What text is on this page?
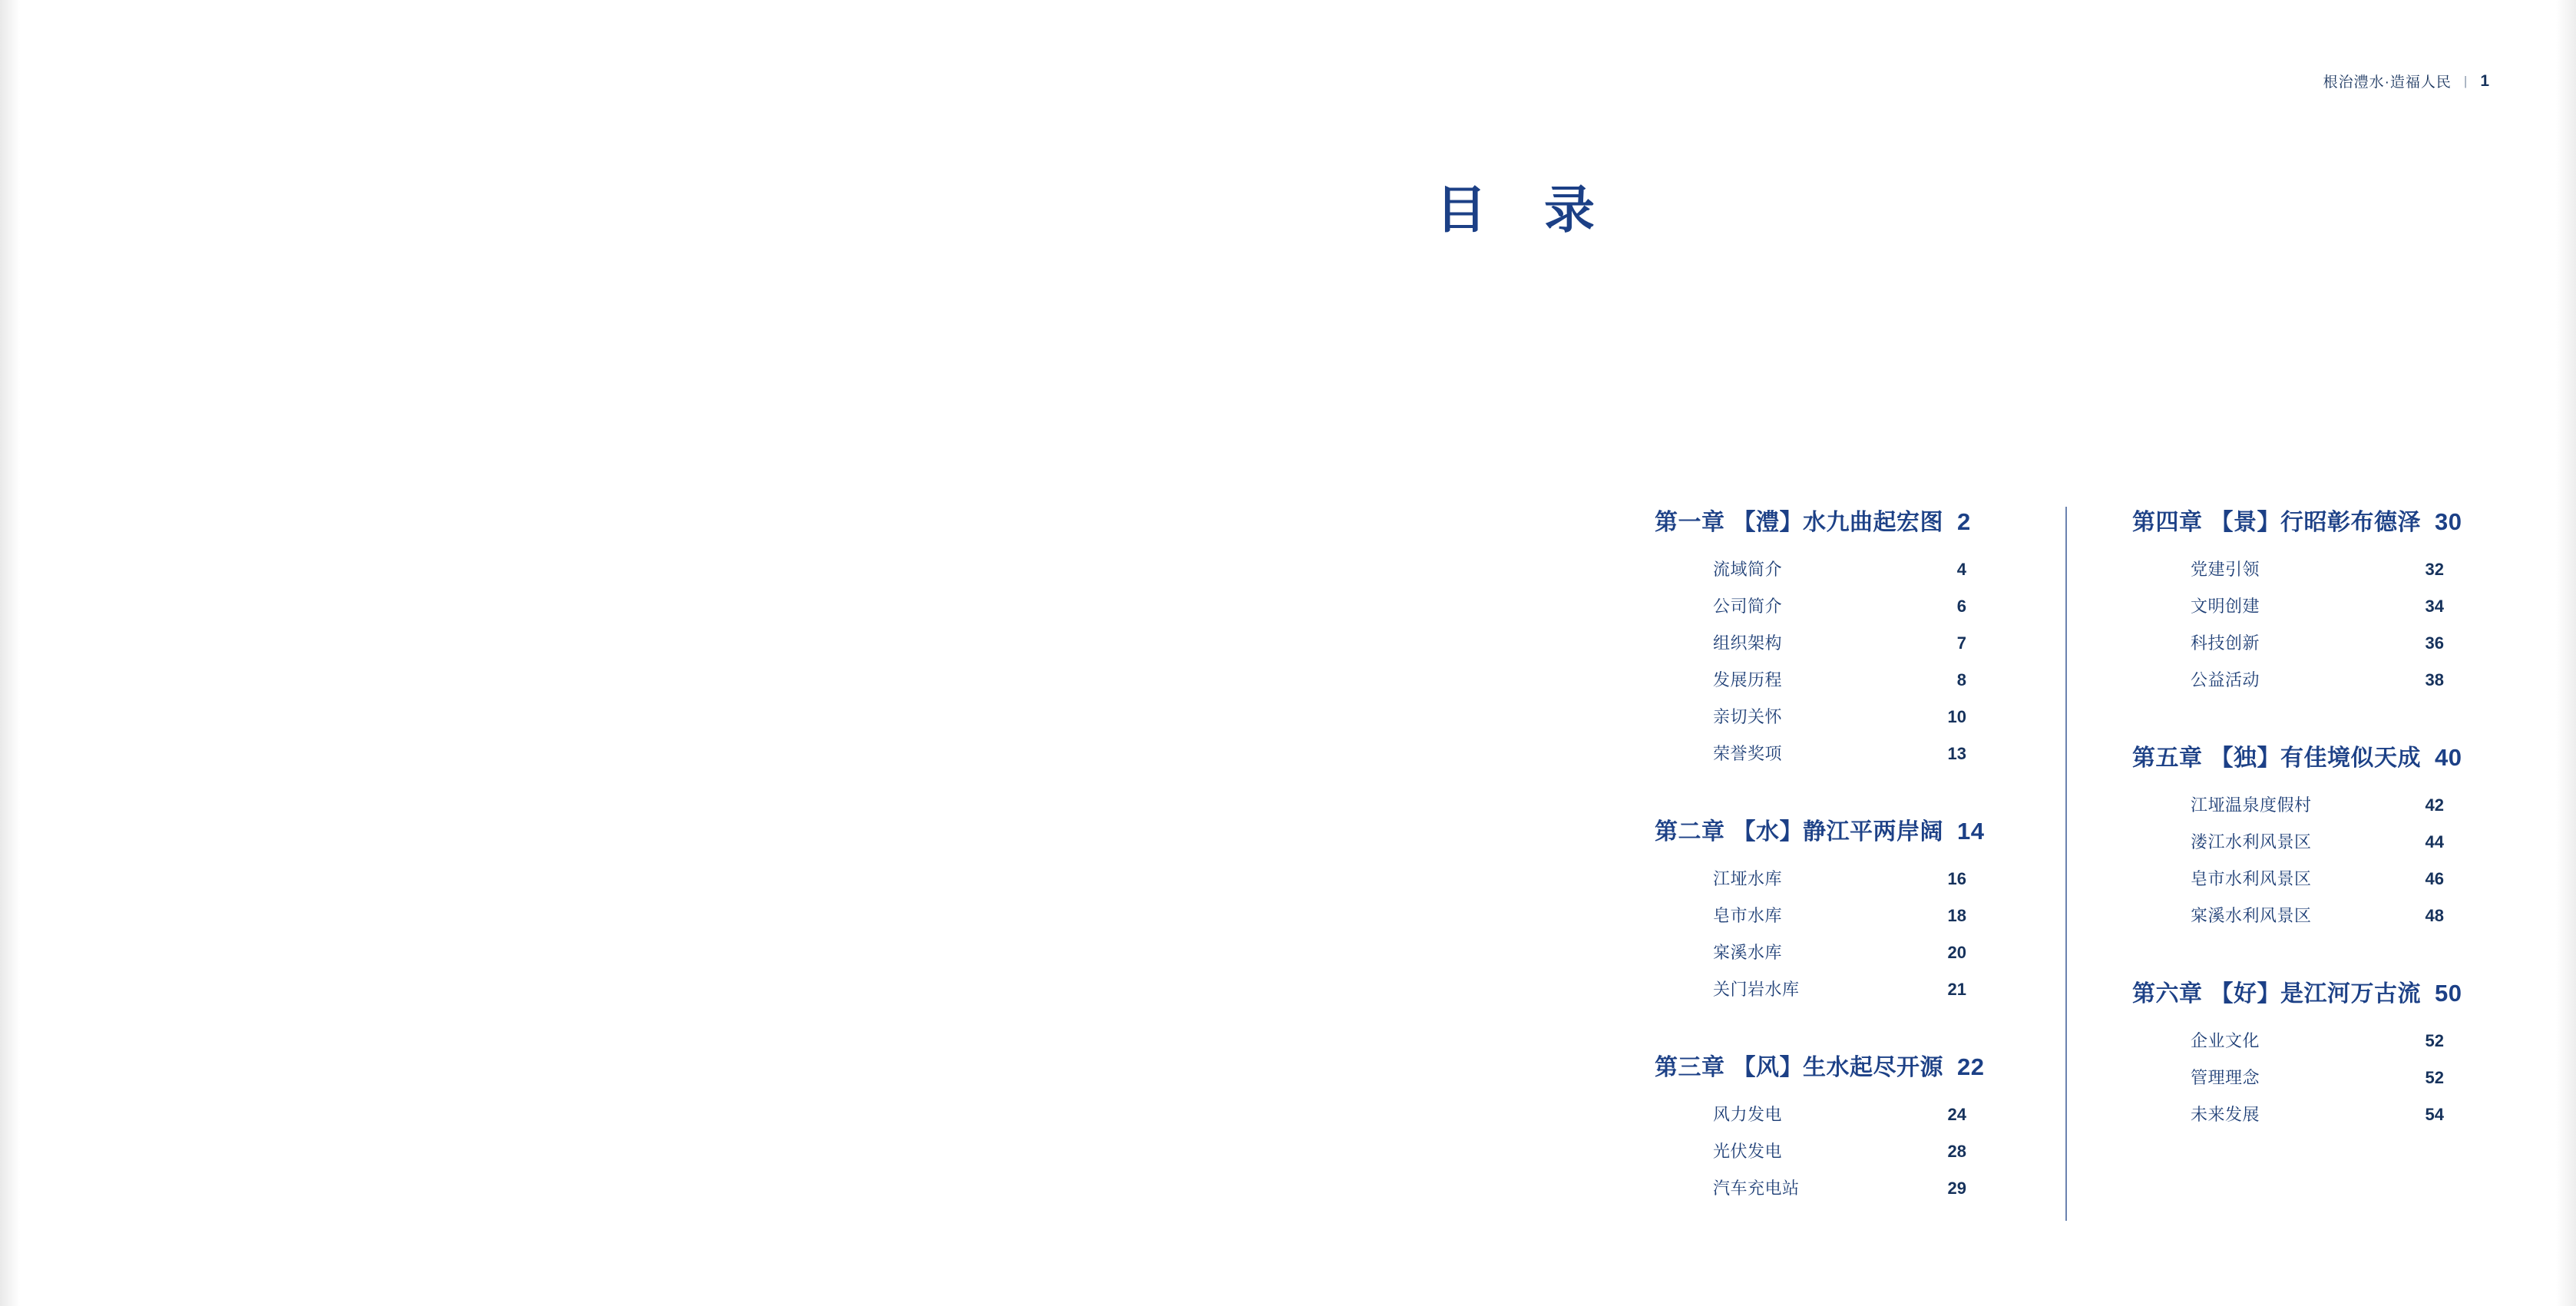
根治澧水·造福人民 | 1
目 录
第一章 【澧】水九曲起宏图 2
流域简介	4
公司简介	6
组织架构	7
发展历程	8
亲切关怀	10
荣誉奖项	13
第二章 【水】静江平两岸阔 14
江垭水库	16
皂市水库	18
宲溪水库	20
关门岩水库	21
第三章 【风】生水起尽开源 22
风力发电	24
光伏发电	28
汽车充电站	29
第四章 【景】行昭彰布德泽 30
党建引领	32
文明创建	34
科技创新	36
公益活动	38
第五章 【独】有佳境似天成 40
江垭温泉度假村	42
溇江水利风景区	44
皂市水利风景区	46
宲溪水利风景区	48
第六章 【好】是江河万古流 50
企业文化	52
管理理念	52
未来发展	54
